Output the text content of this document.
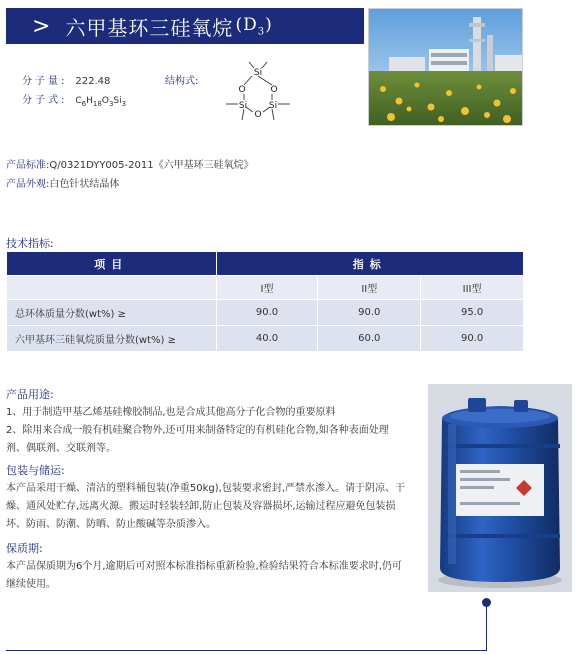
> 六甲基环三硅氧烷 $(D_3)$
分子量: 222.48
分子式: $C_6H_{18}O_3Si_3$
结构式:
Si
O
Si
O
Si
O
产品标准:Q/0321DYY005-2011《六甲基环三硅氧烷》
产品外观:白色针状结晶体
技术指标:
项目	指标		
	I型	II型	III型
总环体质量分数(wt%) ≥	90.0	90.0	95.0
六甲基环三硅氧烷质量分数(wt%) ≥	40.0	60.0	90.0
产品用途:
1、用于制造甲基乙烯基硅橡胶制品,也是合成其他高分子化合物的重要原料
2、除用来合成一般有机硅聚合物外,还可用来制备特定的有机硅化合物,如各种表面处理剂、偶联剂、交联剂等。
包装与储运:
本产品采用干燥、清洁的塑料桶包装(净重50kg),包装要求密封,严禁水渗入。请于阴凉、干燥、通风处贮存,远离火源。搬运时轻装轻卸,防止包装及容器损坏,运输过程应避免包装损坏、防雨、防潮、防晒、防止酸碱等杂质渗入。
保质期:
本产品保质期为6个月,逾期后可对照本标准指标重新检验,检验结果符合本标准要求时,仍可继续使用。
